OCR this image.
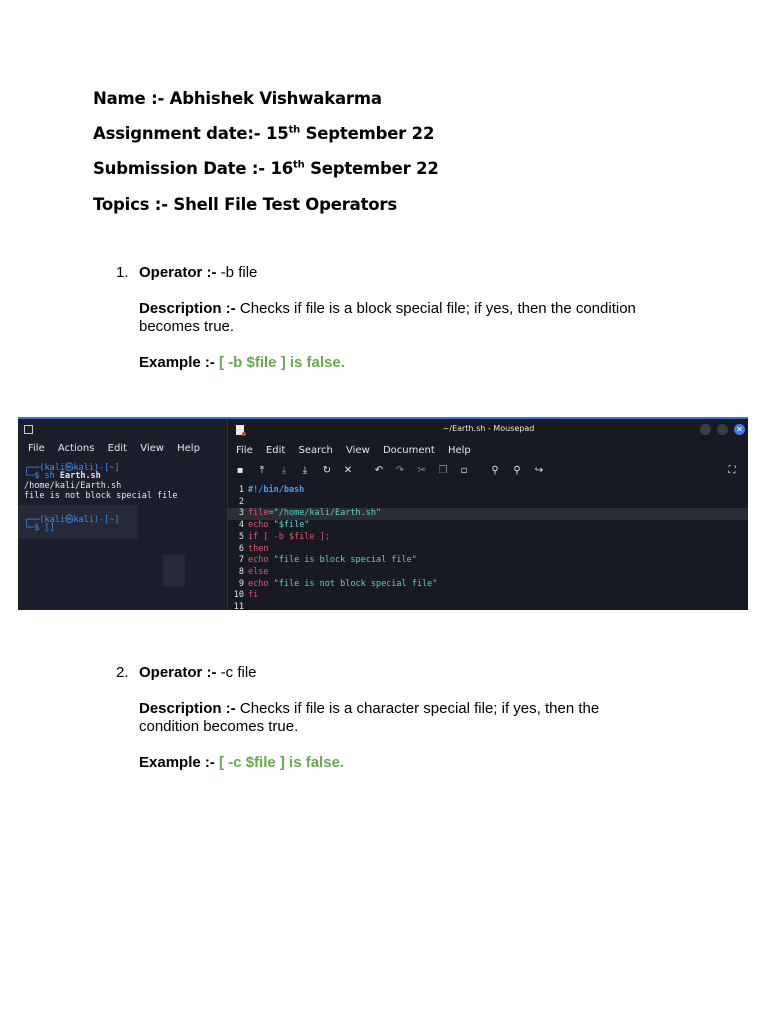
Name :- Abhishek Vishwakarma
Assignment date:- 15th September 22
Submission Date :- 16th September 22
Topics :- Shell File Test Operators
1. Operator :- -b file
Description :- Checks if file is a block special file; if yes, then the condition becomes true.
Example :- [ -b $file ] is false.
File Actions Edit View Help
┌──(kali㉿kali)-[~]
└─$ sh Earth.sh
/home/kali/Earth.sh
file is not block special file
┌──(kali㉿kali)-[~]
└─$ []
~/Earth.sh - Mousepad	✕
File Edit Search View Document Help
▪	⤒	⤓	⤓	↻ ✕ ↶ ↷ ✂ ❐ ▫ ⚲ ⚲ ↪	⛶
1 #!/bin/bash
2
3 file="/home/kali/Earth.sh"
4 echo "$file"
5 if [ -b $file ];
6 then
7 echo "file is block special file"
8 else
9 echo "file is not block special file"
10 fi
11
2. Operator :- -c file
Description :- Checks if file is a character special file; if yes, then the condition becomes true.
Example :- [ -c $file ] is false.
